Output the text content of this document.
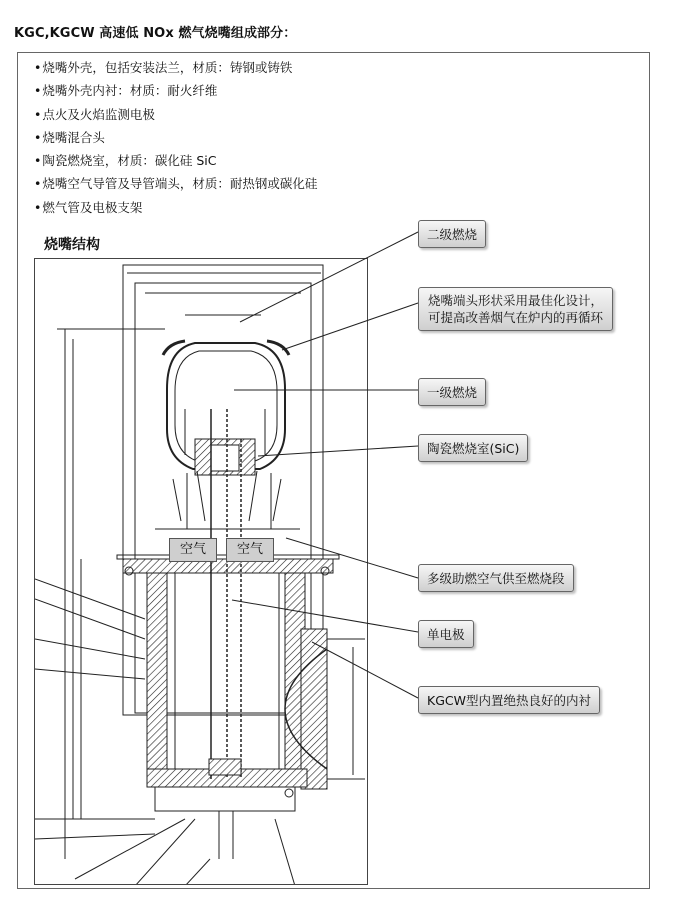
KGC,KGCW 高速低 NOx 燃气烧嘴组成部分：
• 烧嘴外壳，包括安装法兰，材质：铸钢或铸铁
• 烧嘴外壳内衬：材质：耐火纤维
• 点火及火焰监测电极
• 烧嘴混合头
• 陶瓷燃烧室，材质：碳化硅 SiC
• 烧嘴空气导管及导管端头，材质：耐热钢或碳化硅
• 燃气管及电极支架
烧嘴结构
空气	空气
二级燃烧
烧嘴端头形状采用最佳化设计，
可提高改善烟气在炉内的再循环
一级燃烧
陶瓷燃烧室(SiC)
多级助燃空气供至燃烧段
单电极
KGCW型内置绝热良好的内衬
